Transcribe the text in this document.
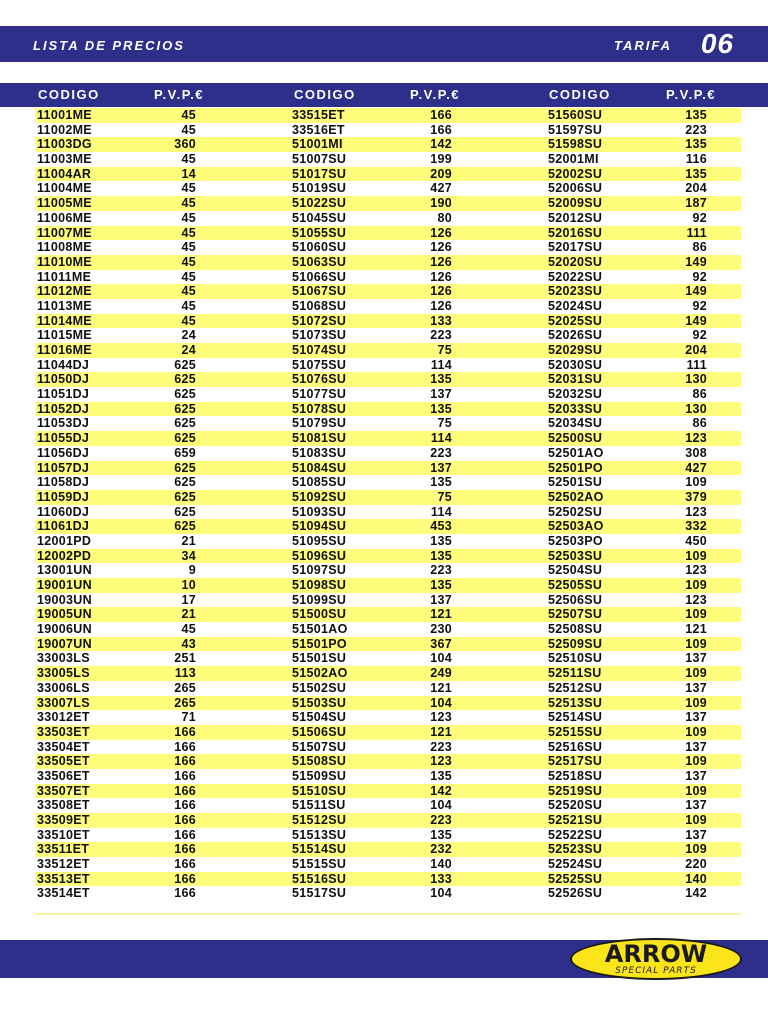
LISTA DE PRECIOS	TARIFA 06
CODIGO	P.V.P.€	CODIGO	P.V.P.€	CODIGO	P.V.P.€
11001ME	45	33515ET	166	51560SU	135
11002ME	45	33516ET	166	51597SU	223
11003DG	360	51001MI	142	51598SU	135
11003ME	45	51007SU	199	52001MI	116
11004AR	14	51017SU	209	52002SU	135
11004ME	45	51019SU	427	52006SU	204
11005ME	45	51022SU	190	52009SU	187
11006ME	45	51045SU	80	52012SU	92
11007ME	45	51055SU	126	52016SU	111
11008ME	45	51060SU	126	52017SU	86
11010ME	45	51063SU	126	52020SU	149
11011ME	45	51066SU	126	52022SU	92
11012ME	45	51067SU	126	52023SU	149
11013ME	45	51068SU	126	52024SU	92
11014ME	45	51072SU	133	52025SU	149
11015ME	24	51073SU	223	52026SU	92
11016ME	24	51074SU	75	52029SU	204
11044DJ	625	51075SU	114	52030SU	111
11050DJ	625	51076SU	135	52031SU	130
11051DJ	625	51077SU	137	52032SU	86
11052DJ	625	51078SU	135	52033SU	130
11053DJ	625	51079SU	75	52034SU	86
11055DJ	625	51081SU	114	52500SU	123
11056DJ	659	51083SU	223	52501AO	308
11057DJ	625	51084SU	137	52501PO	427
11058DJ	625	51085SU	135	52501SU	109
11059DJ	625	51092SU	75	52502AO	379
11060DJ	625	51093SU	114	52502SU	123
11061DJ	625	51094SU	453	52503AO	332
12001PD	21	51095SU	135	52503PO	450
12002PD	34	51096SU	135	52503SU	109
13001UN	9	51097SU	223	52504SU	123
19001UN	10	51098SU	135	52505SU	109
19003UN	17	51099SU	137	52506SU	123
19005UN	21	51500SU	121	52507SU	109
19006UN	45	51501AO	230	52508SU	121
19007UN	43	51501PO	367	52509SU	109
33003LS	251	51501SU	104	52510SU	137
33005LS	113	51502AO	249	52511SU	109
33006LS	265	51502SU	121	52512SU	137
33007LS	265	51503SU	104	52513SU	109
33012ET	71	51504SU	123	52514SU	137
33503ET	166	51506SU	121	52515SU	109
33504ET	166	51507SU	223	52516SU	137
33505ET	166	51508SU	123	52517SU	109
33506ET	166	51509SU	135	52518SU	137
33507ET	166	51510SU	142	52519SU	109
33508ET	166	51511SU	104	52520SU	137
33509ET	166	51512SU	223	52521SU	109
33510ET	166	51513SU	135	52522SU	137
33511ET	166	51514SU	232	52523SU	109
33512ET	166	51515SU	140	52524SU	220
33513ET	166	51516SU	133	52525SU	140
33514ET	166	51517SU	104	52526SU	142
ARROW
SPECIAL PARTS
